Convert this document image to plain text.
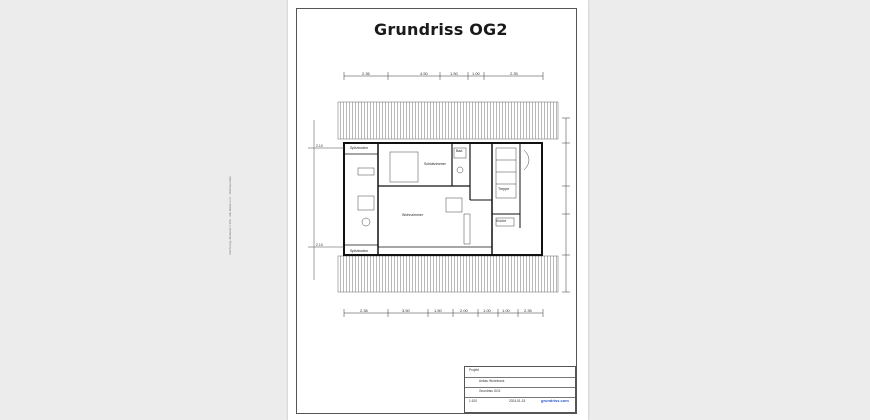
Grundriss OG2
2.36	4.50	1.50	1.00	2.35
Spitzboden
Spitzboden
Schlafzimmer
Bad
Wohnzimmer
Küche
Treppe
2.10
2.10
2.36	3.50	1.50	2.00	1.00	1.00	2.35
Zeichnung: Maßstab 1:100 · alle Maße in m · Rohbaumaße
Projekt
Anbau Wohnhaus
Grundriss OG2
1:100	2024-01-15	grundriss.com
